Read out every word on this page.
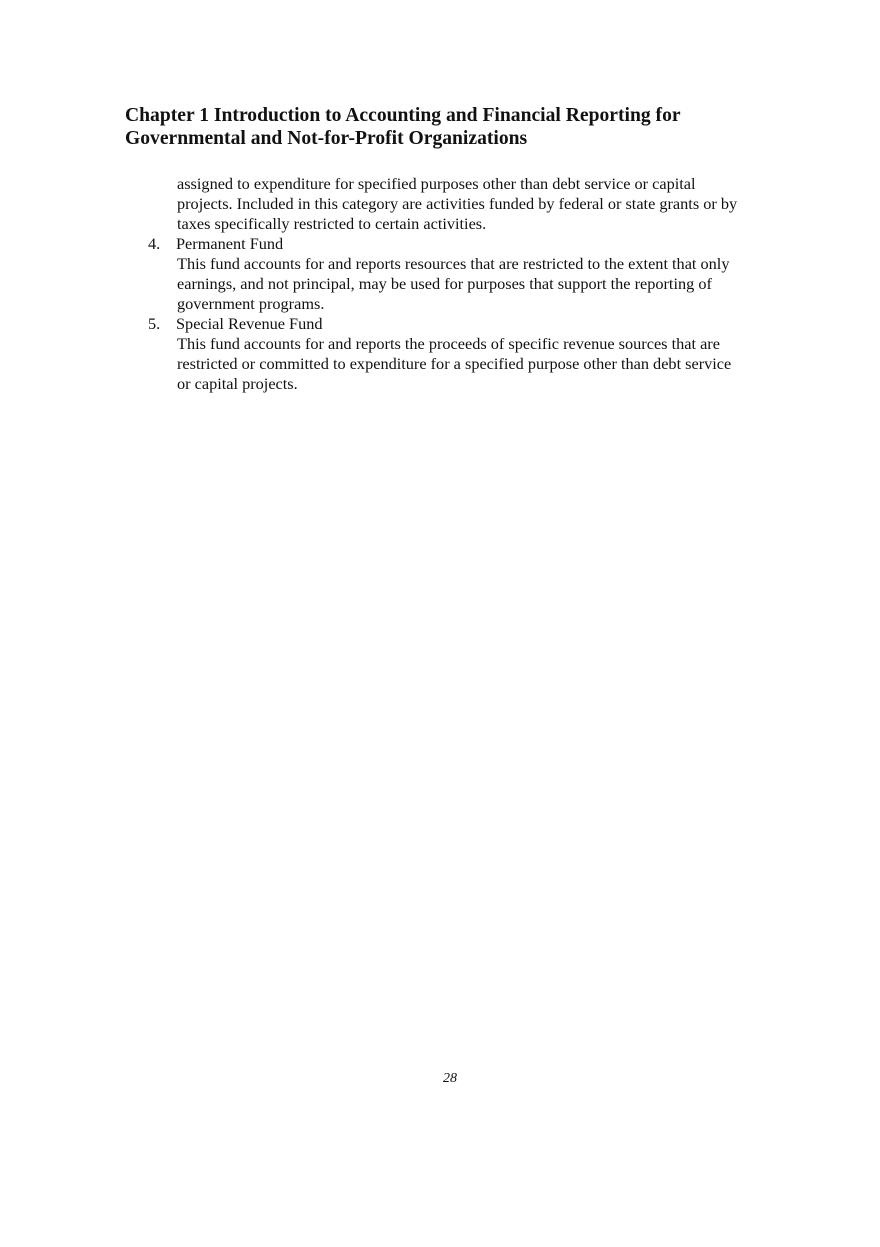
Chapter 1 Introduction to Accounting and Financial Reporting for
Governmental and Not-for-Profit Organizations

assigned to expenditure for specified purposes other than debt service or capital
projects. Included in this category are activities funded by federal or state grants or by
taxes specifically restricted to certain activities.

4. Permanent Fund
This fund accounts for and reports resources that are restricted to the extent that only
earnings, and not principal, may be used for purposes that support the reporting of
government programs.
5. Special Revenue Fund
This fund accounts for and reports the proceeds of specific revenue sources that are
restricted or committed to expenditure for a specified purpose other than debt service
or capital projects.
28
